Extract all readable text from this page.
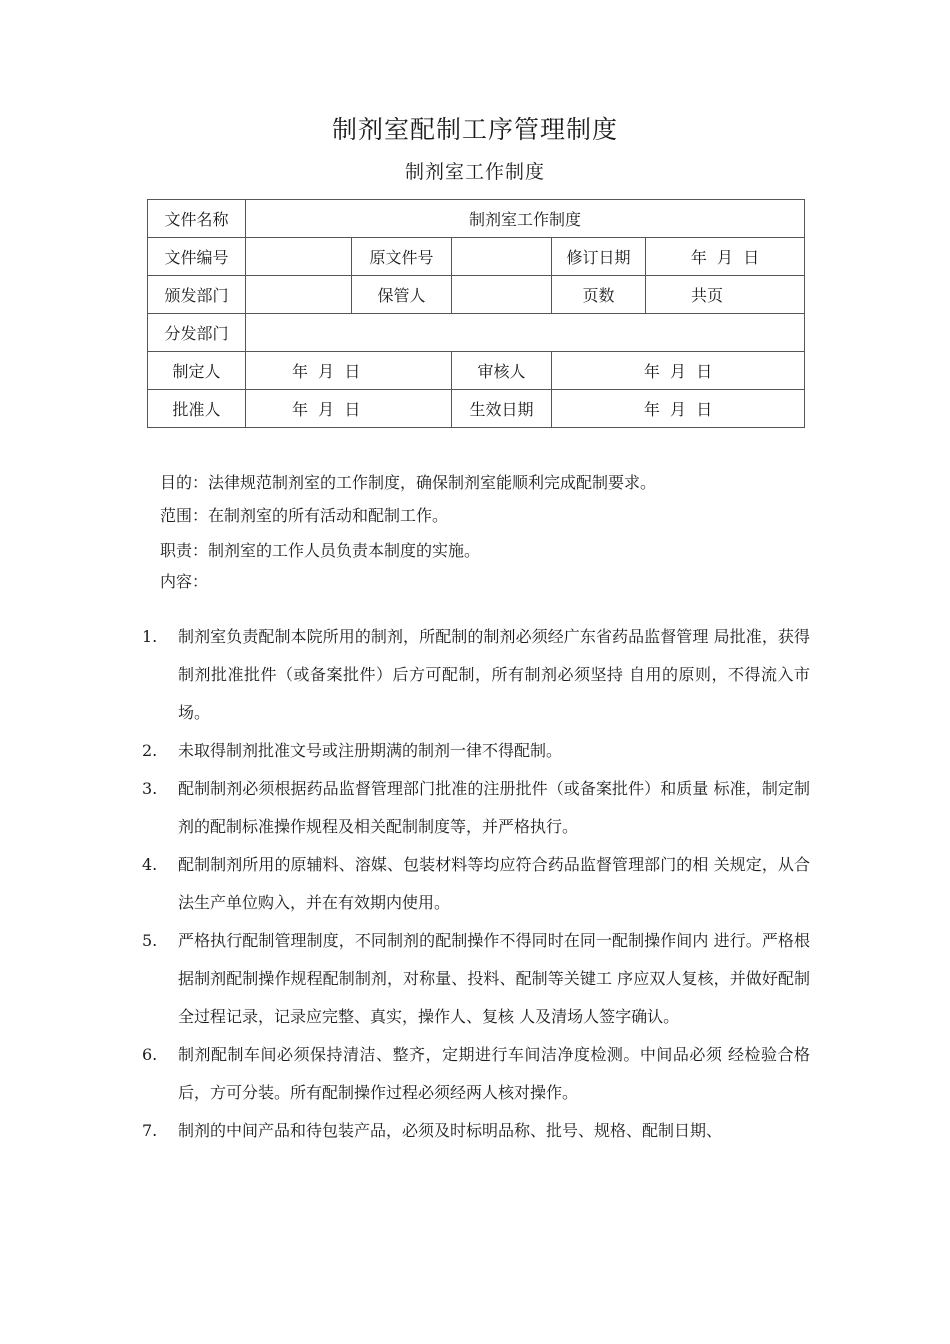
制剂室配制工序管理制度
制剂室工作制度
文件名称	制剂室工作制度				
文件编号		原文件号		修订日期	年  月  日
颁发部门		保管人		页数	共页
分发部门					
制定人	年  月  日		审核人	年  月  日	
批准人	年  月  日		生效日期	年  月  日	
目的：法律规范制剂室的工作制度，确保制剂室能顺利完成配制要求。
范围：在制剂室的所有活动和配制工作。
职责：制剂室的工作人员负责本制度的实施。
内容：
1. 制剂室负责配制本院所用的制剂，所配制的制剂必须经广东省药品监督管理 局批准，获得制剂批准批件（或备案批件）后方可配制，所有制剂必须坚持 自用的原则，不得流入市场。
2. 未取得制剂批准文号或注册期满的制剂一律不得配制。
3. 配制制剂必须根据药品监督管理部门批准的注册批件（或备案批件）和质量 标准，制定制剂的配制标准操作规程及相关配制制度等，并严格执行。
4. 配制制剂所用的原辅料、溶媒、包装材料等均应符合药品监督管理部门的相 关规定，从合法生产单位购入，并在有效期内使用。
5. 严格执行配制管理制度，不同制剂的配制操作不得同时在同一配制操作间内 进行。严格根据制剂配制操作规程配制制剂，对称量、投料、配制等关键工 序应双人复核，并做好配制全过程记录，记录应完整、真实，操作人、复核 人及清场人签字确认。
6. 制剂配制车间必须保持清洁、整齐，定期进行车间洁净度检测。中间品必须 经检验合格后，方可分装。所有配制操作过程必须经两人核对操作。
7. 制剂的中间产品和待包装产品，必须及时标明品称、批号、规格、配制日期、
